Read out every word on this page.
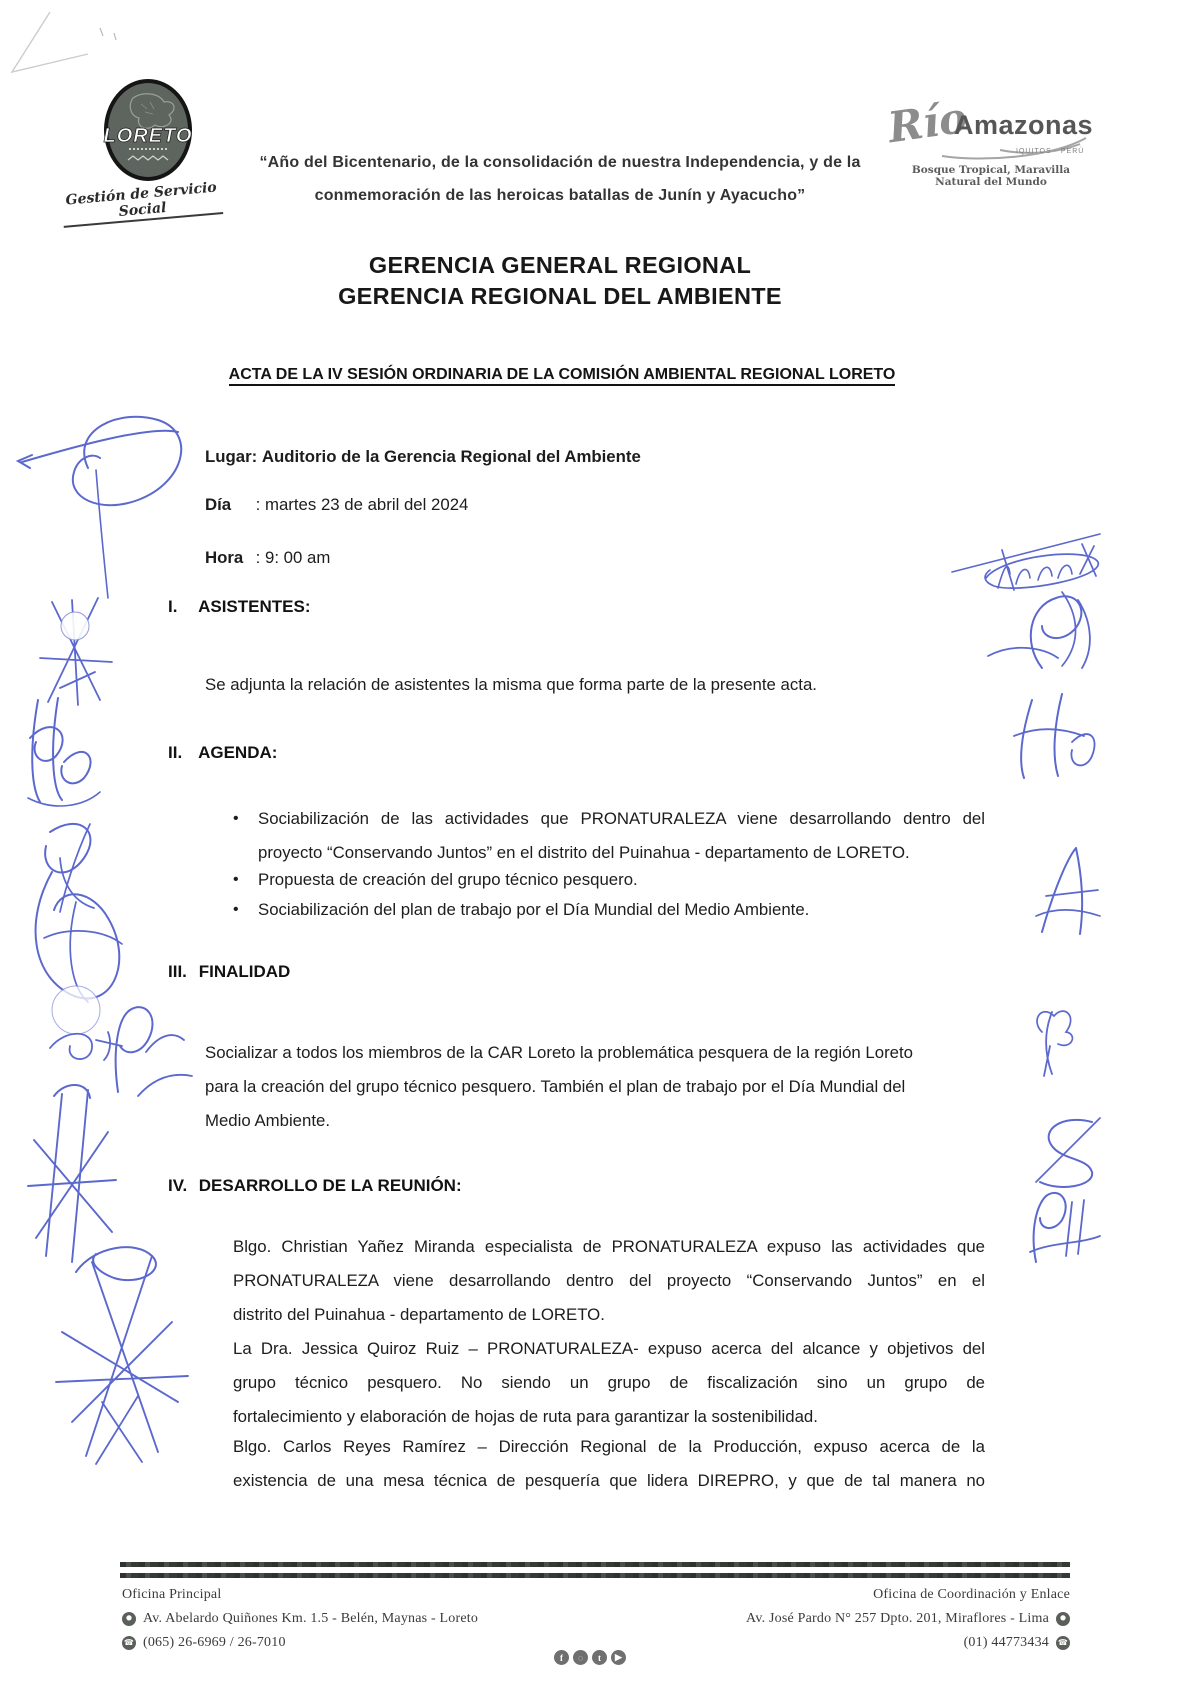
LORETO
Gestión de Servicio Social
“Año del Bicentenario, de la consolidación de nuestra Independencia, y de la
conmemoración de las heroicas batallas de Junín y Ayacucho”
Río
Amazonas
IQUITOS - PERÚ
Bosque Tropical, Maravilla Natural del Mundo
GERENCIA GENERAL REGIONAL
GERENCIA REGIONAL DEL AMBIENTE
ACTA DE LA IV SESIÓN ORDINARIA DE LA COMISIÓN AMBIENTAL REGIONAL LORETO
Lugar: Auditorio de la Gerencia Regional del Ambiente
Día : martes 23 de abril del 2024
Hora : 9: 00 am
I. ASISTENTES:
Se adjunta la relación de asistentes la misma que forma parte de la presente acta.
II. AGENDA:
•	Sociabilización de las actividades que PRONATURALEZA viene desarrollando dentro del
proyecto “Conservando Juntos” en el distrito del Puinahua - departamento de LORETO.
•	Propuesta de creación del grupo técnico pesquero.
•	Sociabilización del plan de trabajo por el Día Mundial del Medio Ambiente.
III. FINALIDAD
Socializar a todos los miembros de la CAR Loreto la problemática pesquera de la región Loreto
para la creación del grupo técnico pesquero. También el plan de trabajo por el Día Mundial del
Medio Ambiente.
IV. DESARROLLO DE LA REUNIÓN:
Blgo. Christian Yañez Miranda especialista de PRONATURALEZA expuso las actividades que
PRONATURALEZA viene desarrollando dentro del proyecto “Conservando Juntos” en el
distrito del Puinahua - departamento de LORETO.
La Dra. Jessica Quiroz Ruiz – PRONATURALEZA- expuso acerca del alcance y objetivos del
grupo técnico pesquero. No siendo un grupo de fiscalización sino un grupo de
fortalecimiento y elaboración de hojas de ruta para garantizar la sostenibilidad.
Blgo. Carlos Reyes Ramírez – Dirección Regional de la Producción, expuso acerca de la
existencia de una mesa técnica de pesquería que lidera DIREPRO, y que de tal manera no
Oficina Principal
Av. Abelardo Quiñones Km. 1.5 - Belén, Maynas - Loreto
☎ (065) 26-6969 / 26-7010
Oficina de Coordinación y Enlace
Av. José Pardo N° 257 Dpto. 201, Miraflores - Lima
(01) 44773434 ☎
f	◌	t	▶
